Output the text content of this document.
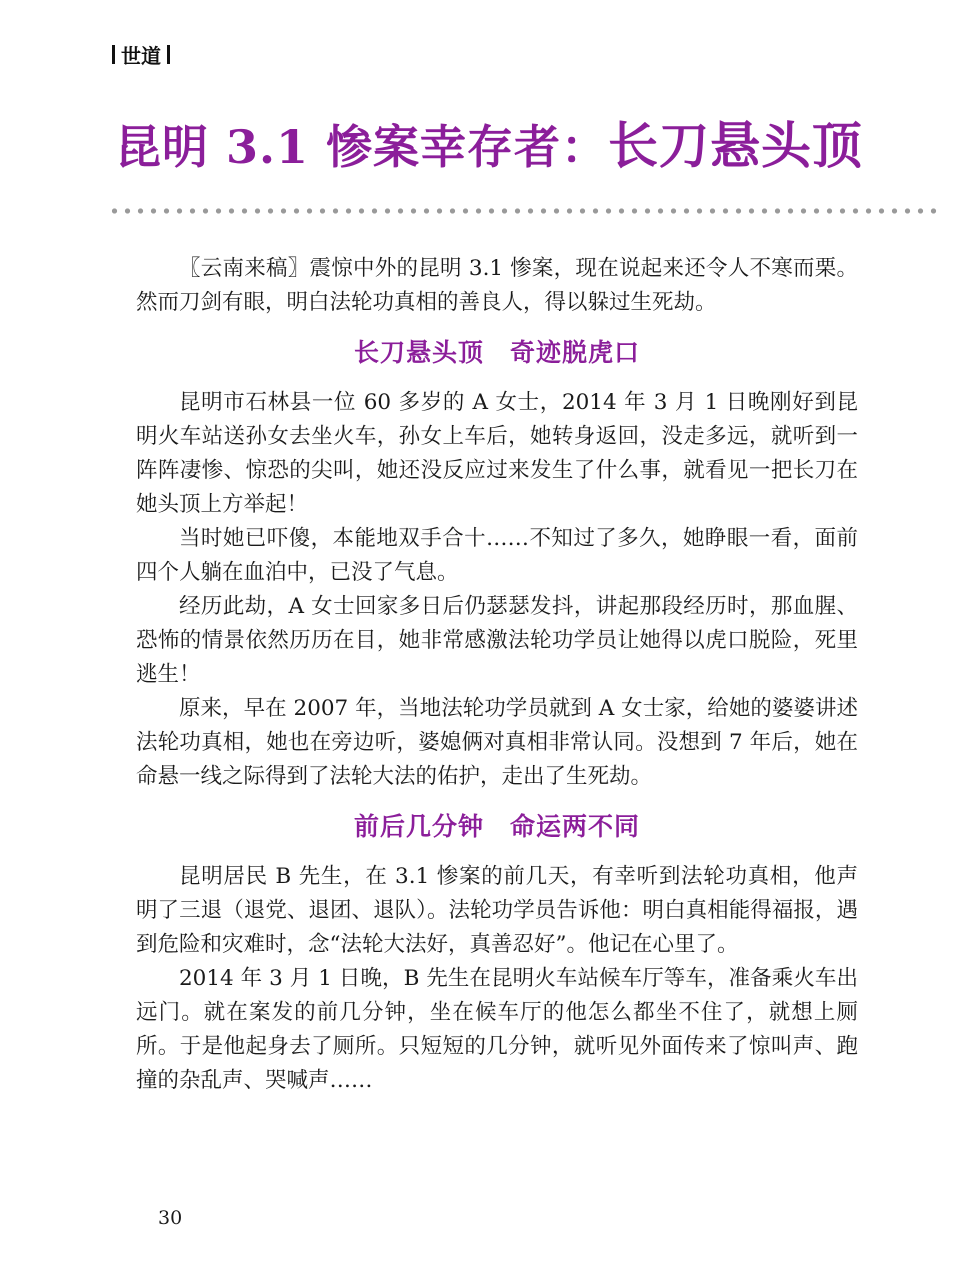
世道
昆明 3.1 惨案幸存者：长刀悬头顶

〖云南来稿〗震惊中外的昆明 3.1 惨案，现在说起来还令人不寒而栗。然而刀剑有眼，明白法轮功真相的善良人，得以躲过生死劫。

长刀悬头顶　奇迹脱虎口

昆明市石林县一位 60 多岁的 A 女士，2014 年 3 月 1 日晚刚好到昆明火车站送孙女去坐火车，孙女上车后，她转身返回，没走多远，就听到一阵阵凄惨、惊恐的尖叫，她还没反应过来发生了什么事，就看见一把长刀在她头顶上方举起！

当时她已吓傻，本能地双手合十……不知过了多久，她睁眼一看，面前四个人躺在血泊中，已没了气息。

经历此劫，A 女士回家多日后仍瑟瑟发抖，讲起那段经历时，那血腥、恐怖的情景依然历历在目，她非常感激法轮功学员让她得以虎口脱险，死里逃生！

原来，早在 2007 年，当地法轮功学员就到 A 女士家，给她的婆婆讲述法轮功真相，她也在旁边听，婆媳俩对真相非常认同。没想到 7 年后，她在命悬一线之际得到了法轮大法的佑护，走出了生死劫。

前后几分钟　命运两不同

昆明居民 B 先生，在 3.1 惨案的前几天，有幸听到法轮功真相，他声明了三退（退党、退团、退队）。法轮功学员告诉他：明白真相能得福报，遇到危险和灾难时，念“法轮大法好，真善忍好”。他记在心里了。

2014 年 3 月 1 日晚，B 先生在昆明火车站候车厅等车，准备乘火车出远门。就在案发的前几分钟，坐在候车厅的他怎么都坐不住了，就想上厕所。于是他起身去了厕所。只短短的几分钟，就听见外面传来了惊叫声、跑撞的杂乱声、哭喊声……

30
